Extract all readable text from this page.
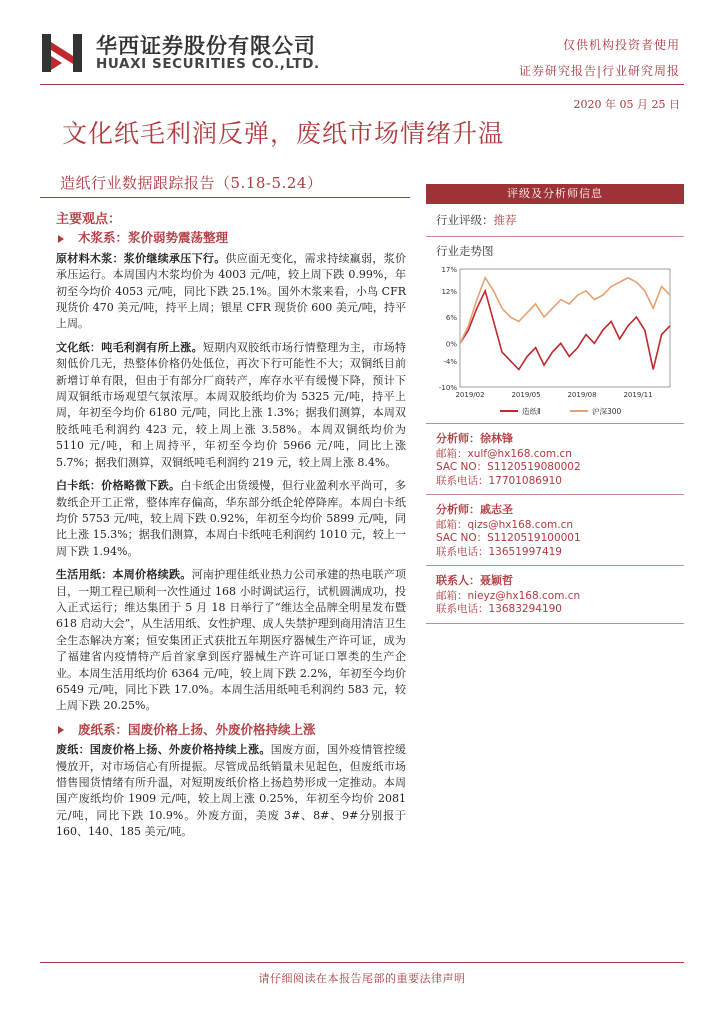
华西证券股份有限公司
HUAXI SECURITIES CO.,LTD.
仅供机构投资者使用
证券研究报告|行业研究周报
2020 年 05 月 25 日
文化纸毛利润反弹，废纸市场情绪升温
造纸行业数据跟踪报告（5.18-5.24）
主要观点：
木浆系：浆价弱势震荡整理

原材料木浆：浆价继续承压下行。供应面无变化，需求持续羸弱，浆价承压运行。本周国内木浆均价为 4003 元/吨，较上周下跌 0.99%，年初至今均价 4053 元/吨，同比下跌 25.1%。国外木浆来看，小鸟 CFR 现货价 470 美元/吨，持平上周；银星 CFR 现货价 600 美元/吨，持平上周。

文化纸：吨毛利润有所上涨。短期内双胶纸市场行情整理为主，市场特刻低价几无，热整体价格仍处低位，再次下行可能性不大；双铜纸目前新增订单有限，但由于有部分厂商转产，库存水平有缓慢下降，预计下周双铜纸市场观望气氛浓厚。本周双胶纸均价为 5325 元/吨，持平上周，年初至今均价 6180 元/吨，同比上涨 1.3%；据我们测算，本周双胶纸吨毛利润约 423 元，较上周上涨 3.58%。本周双铜纸均价为 5110 元/吨，和上周持平，年初至今均价 5966 元/吨，同比上涨 5.7%；据我们测算，双铜纸吨毛利润约 219 元，较上周上涨 8.4%。

白卡纸：价格略微下跌。白卡纸企出货缓慢，但行业盈利水平尚可，多数纸企开工正常，整体库存偏高，华东部分纸企轮停降库。本周白卡纸均价 5753 元/吨，较上周下跌 0.92%，年初至今均价 5899 元/吨，同比上涨 15.3%；据我们测算，本周白卡纸吨毛利润约 1010 元，较上一周下跌 1.94%。

生活用纸：本周价格续跌。河南护理佳纸业热力公司承建的热电联产项目，一期工程已顺利一次性通过 168 小时调试运行，试机圆满成功，投入正式运行；维达集团于 5 月 18 日举行了“维达全品牌全明星发布暨 618 启动大会”，从生活用纸、女性护理、成人失禁护理到商用清洁卫生全生态解决方案；恒安集团正式获批五年期医疗器械生产许可证，成为了福建省内疫情特产后首家拿到医疗器械生产许可证口罩类的生产企业。本周生活用纸均价 6364 元/吨，较上周下跌 2.2%，年初至今均价 6549 元/吨，同比下跌 17.0%。本周生活用纸吨毛利润约 583 元，较上周下跌 20.25%。

废纸系：国废价格上扬、外废价格持续上涨

废纸：国废价格上扬、外废价格持续上涨。国废方面，国外疫情管控缓慢放开，对市场信心有所提振。尽管成品纸销量未见起色，但废纸市场惜售囤货情绪有所升温，对短期废纸价格上扬趋势形成一定推动。本周国产废纸均价 1909 元/吨，较上周上涨 0.25%，年初至今均价 2081 元/吨，同比下跌 10.9%。外废方面，美废 3#、8#、9#分别报于 160、140、185 美元/吨。

评级及分析师信息
行业评级：推荐
行业走势图
17%
12%
6%
0%
-4%
-10%
2019/02	2019/05	2019/08	2019/11
造纸Ⅱ	沪深300
分析师：徐林锋
邮箱：xulf@hx168.com.cn
SAC NO：S1120519080002
联系电话：17701086910
分析师：戚志圣
邮箱：qizs@hx168.com.cn
SAC NO：S1120519100001
联系电话：13651997419
联系人：聂颖哲
邮箱：nieyz@hx168.com.cn
联系电话：13683294190
请仔细阅读在本报告尾部的重要法律声明
